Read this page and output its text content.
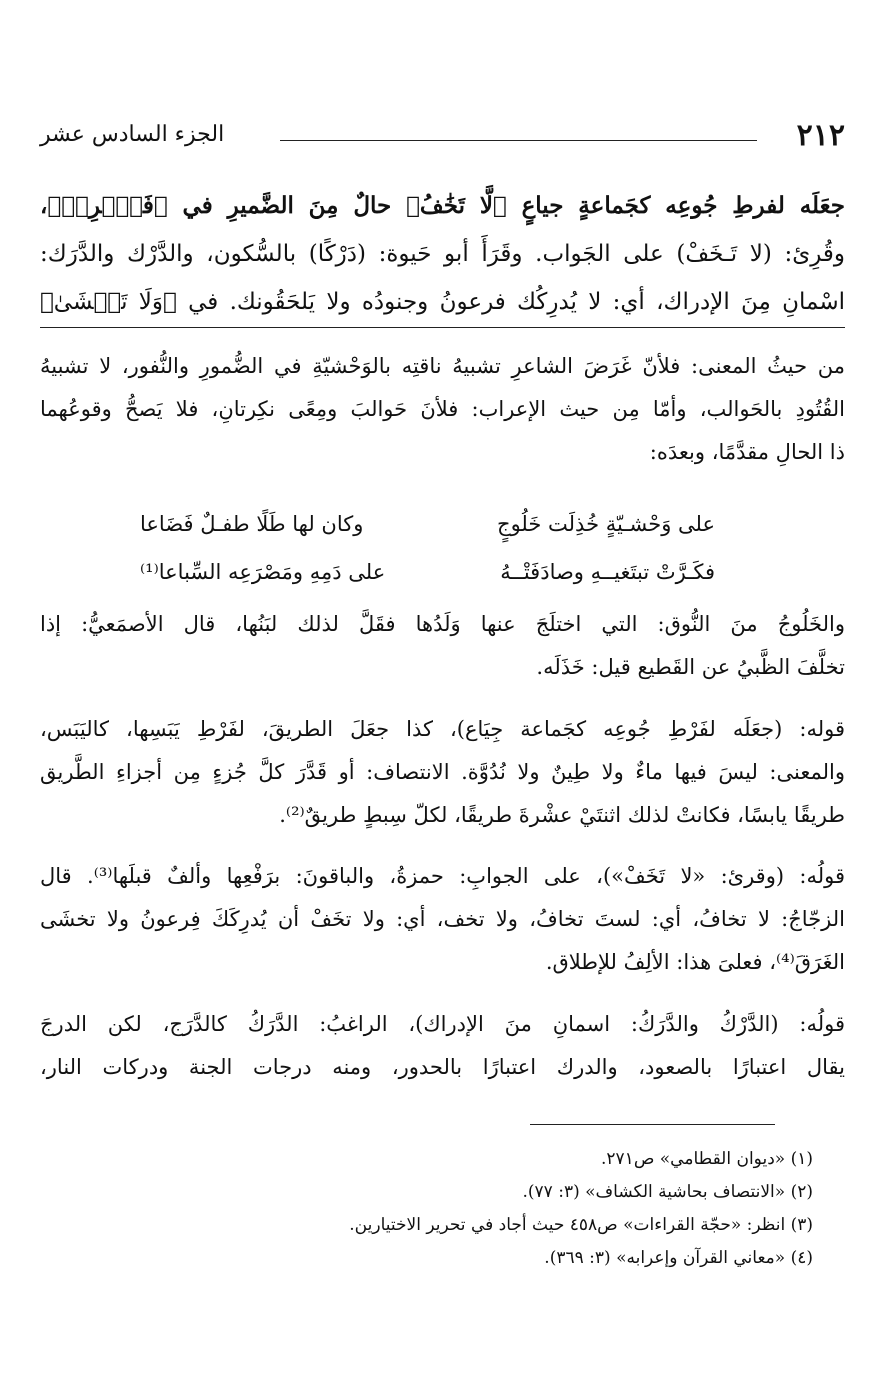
٢١٢
الجزء السادس عشر

جعَلَه لفرطِ جُوعِه كجَماعةٍ جياعٍ ﴿لَّا تَخَٰفُ﴾ حالٌ مِنَ الضَّميرِ في ﴿فَٱضۡرِبۡ﴾،

وقُرِئ: (لا تَـخَفْ) على الجَواب. وقَرَأَ أبو حَيوة: (دَرْكًا) بالسُّكون، والدَّرْك والدَّرَك:

اسْمانِ مِنَ الإدراك، أي: لا يُدرِكُك فرعونُ وجنودُه ولا يَلحَقُونك. في ﴿وَلَا تَخۡشَىٰ﴾

من حيثُ المعنى: فلأنّ غَرَضَ الشاعرِ تشبيهُ ناقتِه بالوَحْشيّةِ في الضُّمورِ والنُّفور، لا تشبيهُ

القُتُودِ بالحَوالب، وأمّا مِن حيث الإعراب: فلأنَ حَوالبَ ومِعًى نكِرتانِ، فلا يَصحُّ وقوعُهما

ذا الحالِ مقدَّمًا، وبعدَه:

على وَحْشـيّةٍ خُذِلَت خَلُوجٍ
وكان لها طَلًا طفـلٌ فَضَاعا
فكَـرَّتْ تبتَغيــهِ وصادَفَتْــهُ
على دَمِهِ ومَصْرَعِه السِّباعا⁽¹⁾

والخَلُوجُ منَ النُّوق: التي اختلَجَ عنها وَلَدُها فقَلَّ لذلك لبَنُها، قال الأصمَعيُّ: إذا

تخلَّفَ الظَّبيُ عن القَطيع قيل: خَذَلَه.

قوله: (جعَلَه لفَرْطِ جُوعِه كجَماعة جِيَاع)، كذا جعَلَ الطريقَ، لفَرْطِ يَبَسِها، كاليَبَس،

والمعنى: ليسَ فيها ماءٌ ولا طِينٌ ولا نُدُوَّة. الانتصاف: أو قَدَّرَ كلَّ جُزءٍ مِن أجزاءِ الطَّريق

طريقًا يابسًا، فكانتْ لذلك اثنتَيْ عشْرةَ طريقًا، لكلّ سِبطٍ طريقٌ⁽²⁾.

قولُه: (وقرئ: «لا تَخَفْ»)، على الجوابِ: حمزةُ، والباقونَ: برَفْعِها وألفٌ قبلَها⁽³⁾. قال

الزجّاجُ: لا تخافُ، أي: لستَ تخافُ، ولا تخف، أي: ولا تخَفْ أن يُدرِكَكَ فِرعونُ ولا تخشَى

الغَرَقَ⁽⁴⁾، فعلىَ هذا: الألِفُ للإطلاق.

قولُه: (الدَّرْكُ والدَّرَكُ: اسمانِ منَ الإدراك)، الراغبُ: الدَّرَكُ كالدَّرَج، لكن الدرجَ

يقال اعتبارًا بالصعود، والدرك اعتبارًا بالحدور، ومنه درجات الجنة ودركات النار،

(١) «ديوان القطامي» ص٢٧١.
(٢) «الانتصاف بحاشية الكشاف» (٣: ٧٧).
(٣) انظر: «حجّة القراءات» ص٤٥٨ حيث أجاد في تحرير الاختيارين.
(٤) «معاني القرآن وإعرابه» (٣: ٣٦٩).
